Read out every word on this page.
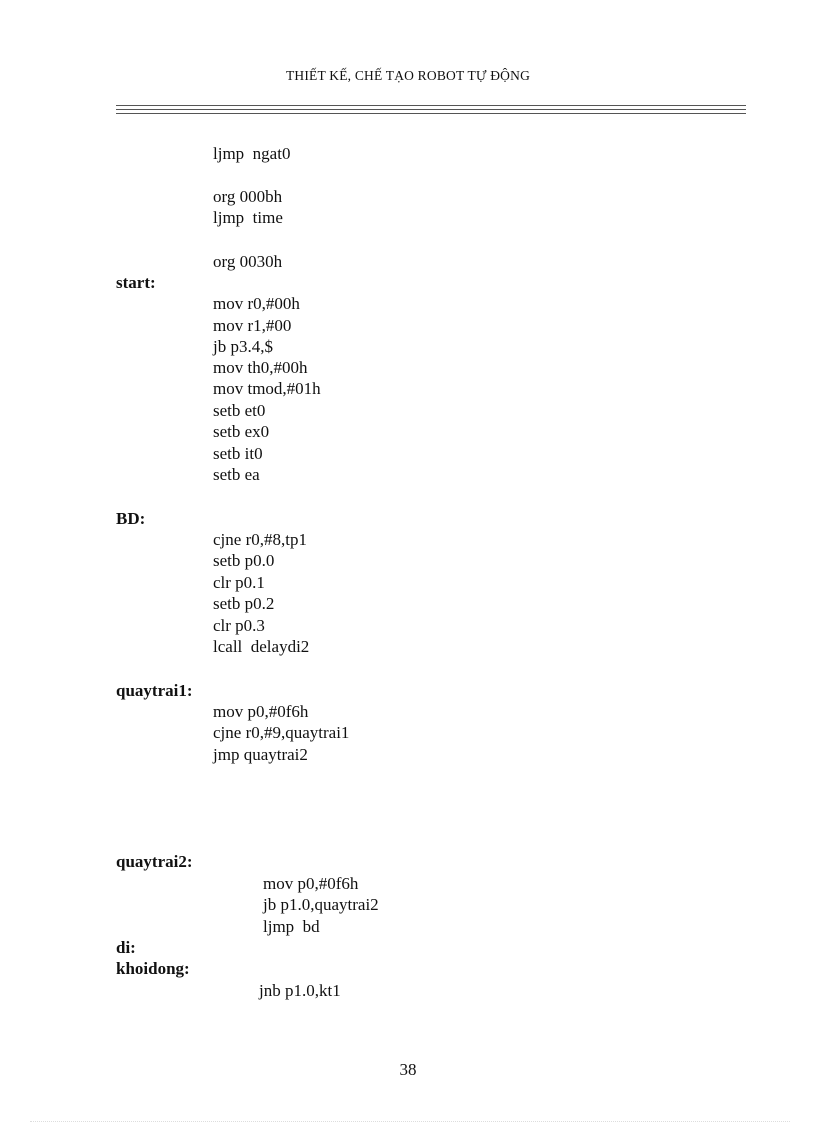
THIẾT KẾ, CHẾ TẠO ROBOT TỰ ĐỘNG
ljmp  ngat0
org 000bh
ljmp  time
org 0030h
start:
mov r0,#00h
mov r1,#00
jb p3.4,$
mov th0,#00h
mov tmod,#01h
setb et0
setb ex0
setb it0
setb ea
BD:
cjne r0,#8,tp1
setb p0.0
clr p0.1
setb p0.2
clr p0.3
lcall  delaydi2
quaytrai1:
mov p0,#0f6h
cjne r0,#9,quaytrai1
jmp quaytrai2
quaytrai2:
mov p0,#0f6h
jb p1.0,quaytrai2
ljmp  bd
di:
khoidong:
jnb p1.0,kt1
38
